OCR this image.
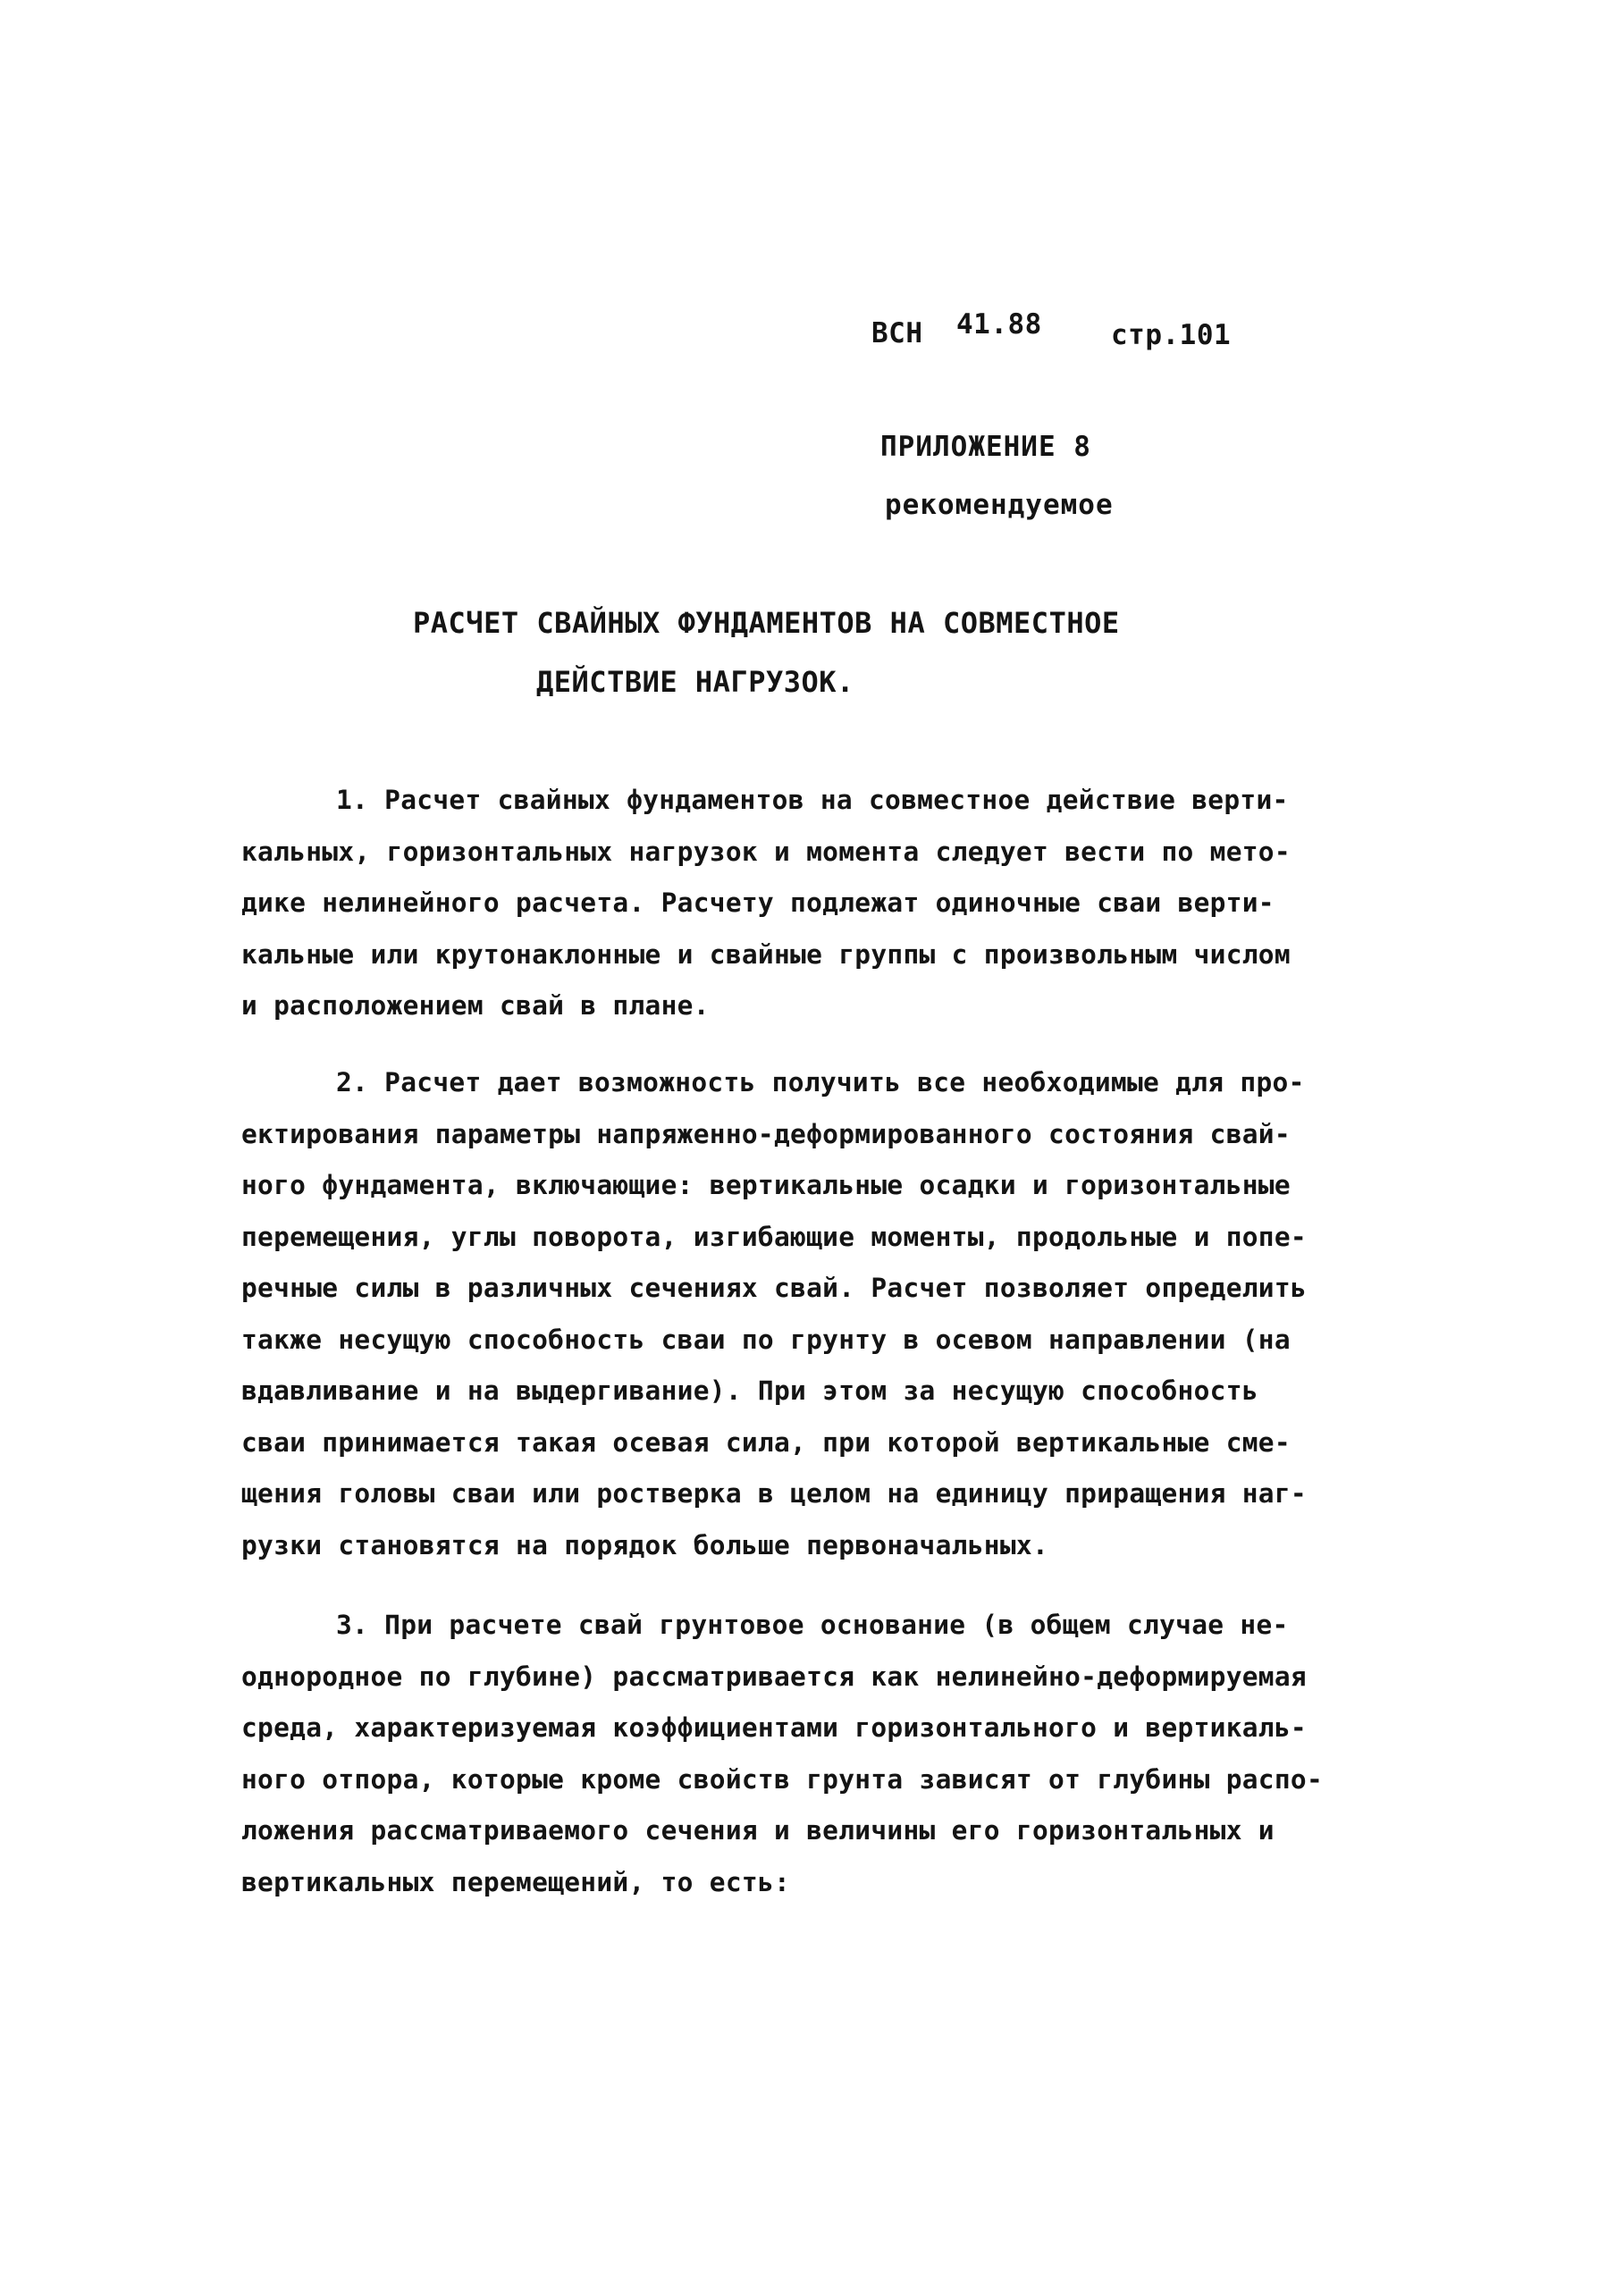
ВСН 41.88 стр.101
ПРИЛОЖЕНИЕ 8
рекомендуемое
РАСЧЕТ СВАЙНЫХ ФУНДАМЕНТОВ НА СОВМЕСТНОЕ
ДЕЙСТВИЕ НАГРУЗОК.
1. Расчет свайных фундаментов на совместное действие верти-
кальных, горизонтальных нагрузок и момента следует вести по мето-
дике нелинейного расчета. Расчету подлежат одиночные сваи верти-
кальные или крутонаклонные и свайные группы с произвольным числом
и расположением свай в плане.
2. Расчет дает возможность получить все необходимые для про-
ектирования параметры напряженно-деформированного состояния свай-
ного фундамента, включающие: вертикальные осадки и горизонтальные
перемещения, углы поворота, изгибающие моменты, продольные и попе-
речные силы в различных сечениях свай. Расчет позволяет определить
также несущую способность сваи по грунту в осевом направлении (на
вдавливание и на выдергивание). При этом за несущую способность
сваи принимается такая осевая сила, при которой вертикальные сме-
щения головы сваи или ростверка в целом на единицу приращения наг-
рузки становятся на порядок больше первоначальных.
3. При расчете свай грунтовое основание (в общем случае не-
однородное по глубине) рассматривается как нелинейно-деформируемая
среда, характеризуемая коэффициентами горизонтального и вертикаль-
ного отпора, которые кроме свойств грунта зависят от глубины распо-
ложения рассматриваемого сечения и величины его горизонтальных и
вертикальных перемещений, то есть:
